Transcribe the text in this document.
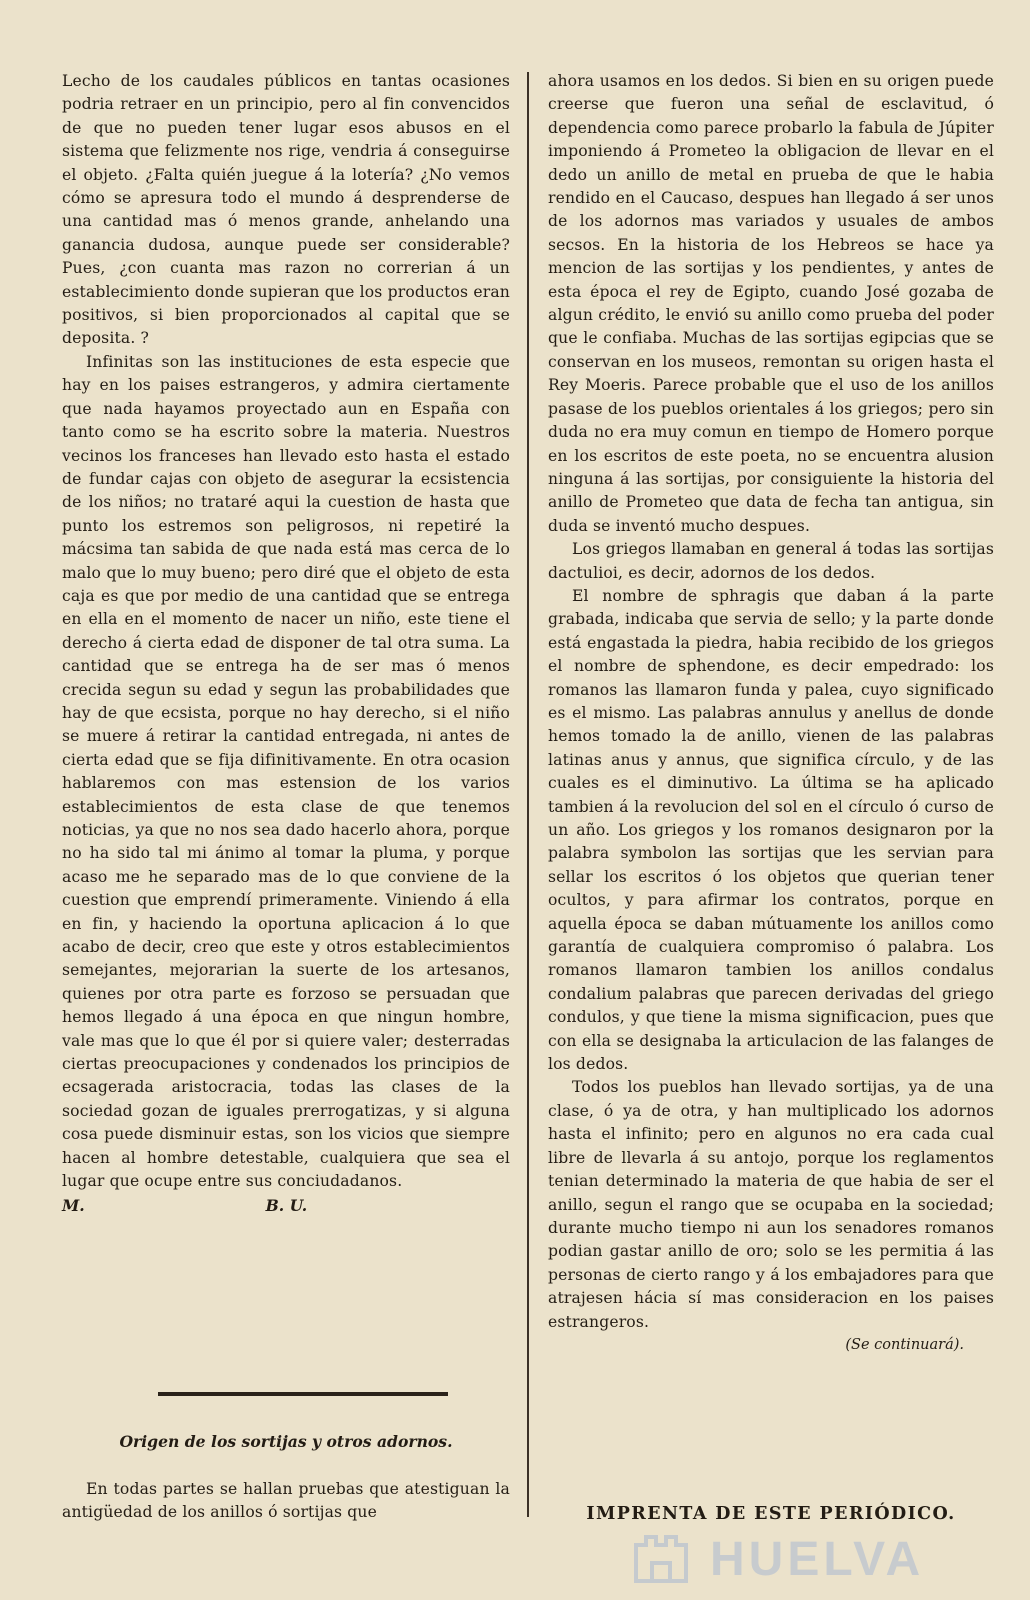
Lecho de los caudales públicos en tantas ocasiones podria retraer en un principio, pero al fin convencidos de que no pueden tener lugar esos abusos en el sistema que felizmente nos rige, vendria á conseguirse el objeto. ¿Falta quién juegue á la lotería? ¿No vemos cómo se apresura todo el mundo á desprenderse de una cantidad mas ó menos grande, anhelando una ganancia dudosa, aunque puede ser considerable? Pues, ¿con cuanta mas razon no correrian á un establecimiento donde supieran que los productos eran positivos, si bien proporcionados al capital que se deposita. ?

Infinitas son las instituciones de esta especie que hay en los paises estrangeros, y admira ciertamente que nada hayamos proyectado aun en España con tanto como se ha escrito sobre la materia. Nuestros vecinos los franceses han llevado esto hasta el estado de fundar cajas con objeto de asegurar la ecsistencia de los niños; no trataré aqui la cuestion de hasta que punto los estremos son peligrosos, ni repetiré la mácsima tan sabida de que nada está mas cerca de lo malo que lo muy bueno; pero diré que el objeto de esta caja es que por medio de una cantidad que se entrega en ella en el momento de nacer un niño, este tiene el derecho á cierta edad de disponer de tal otra suma. La cantidad que se entrega ha de ser mas ó menos crecida segun su edad y segun las probabilidades que hay de que ecsista, porque no hay derecho, si el niño se muere á retirar la cantidad entregada, ni antes de cierta edad que se fija difinitivamente. En otra ocasion hablaremos con mas estension de los varios establecimientos de esta clase de que tenemos noticias, ya que no nos sea dado hacerlo ahora, porque no ha sido tal mi ánimo al tomar la pluma, y porque acaso me he separado mas de lo que conviene de la cuestion que emprendí primeramente. Viniendo á ella en fin, y haciendo la oportuna aplicacion á lo que acabo de decir, creo que este y otros establecimientos semejantes, mejorarian la suerte de los artesanos, quienes por otra parte es forzoso se persuadan que hemos llegado á una época en que ningun hombre, vale mas que lo que él por si quiere valer; desterradas ciertas preocupaciones y condenados los principios de ecsagerada aristocracia, todas las clases de la sociedad gozan de iguales prerrogatizas, y si alguna cosa puede disminuir estas, son los vicios que siempre hacen al hombre detestable, cualquiera que sea el lugar que ocupe entre sus conciudadanos.

M.	B. U.

Origen de los sortijas y otros adornos.

En todas partes se hallan pruebas que atestiguan la antigüedad de los anillos ó sortijas que

ahora usamos en los dedos. Si bien en su origen puede creerse que fueron una señal de esclavitud, ó dependencia como parece probarlo la fabula de Júpiter imponiendo á Prometeo la obligacion de llevar en el dedo un anillo de metal en prueba de que le habia rendido en el Caucaso, despues han llegado á ser unos de los adornos mas variados y usuales de ambos secsos. En la historia de los Hebreos se hace ya mencion de las sortijas y los pendientes, y antes de esta época el rey de Egipto, cuando José gozaba de algun crédito, le envió su anillo como prueba del poder que le confiaba. Muchas de las sortijas egipcias que se conservan en los museos, remontan su origen hasta el Rey Moeris. Parece probable que el uso de los anillos pasase de los pueblos orientales á los griegos; pero sin duda no era muy comun en tiempo de Homero porque en los escritos de este poeta, no se encuentra alusion ninguna á las sortijas, por consiguiente la historia del anillo de Prometeo que data de fecha tan antigua, sin duda se inventó mucho despues.

Los griegos llamaban en general á todas las sortijas dactulioi, es decir, adornos de los dedos.

El nombre de sphragis que daban á la parte grabada, indicaba que servia de sello; y la parte donde está engastada la piedra, habia recibido de los griegos el nombre de sphendone, es decir empedrado: los romanos las llamaron funda y palea, cuyo significado es el mismo. Las palabras annulus y anellus de donde hemos tomado la de anillo, vienen de las palabras latinas anus y annus, que significa círculo, y de las cuales es el diminutivo. La última se ha aplicado tambien á la revolucion del sol en el círculo ó curso de un año. Los griegos y los romanos designaron por la palabra symbolon las sortijas que les servian para sellar los escritos ó los objetos que querian tener ocultos, y para afirmar los contratos, porque en aquella época se daban mútuamente los anillos como garantía de cualquiera compromiso ó palabra. Los romanos llamaron tambien los anillos condalus condalium palabras que parecen derivadas del griego condulos, y que tiene la misma significacion, pues que con ella se designaba la articulacion de las falanges de los dedos.

Todos los pueblos han llevado sortijas, ya de una clase, ó ya de otra, y han multiplicado los adornos hasta el infinito; pero en algunos no era cada cual libre de llevarla á su antojo, porque los reglamentos tenian determinado la materia de que habia de ser el anillo, segun el rango que se ocupaba en la sociedad; durante mucho tiempo ni aun los senadores romanos podian gastar anillo de oro; solo se les permitia á las personas de cierto rango y á los embajadores para que atrajesen hácia sí mas consideracion en los paises estrangeros.

(Se continuará).

IMPRENTA DE ESTE PERIÓDICO.

HUELVA
